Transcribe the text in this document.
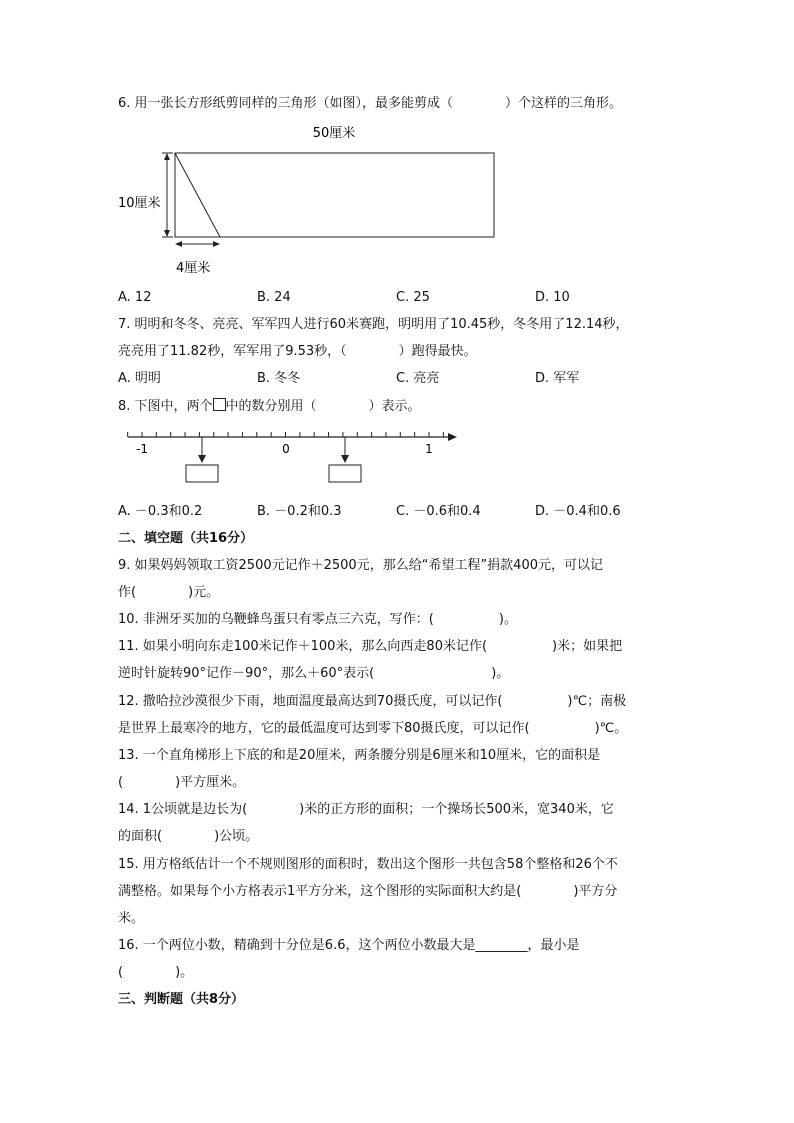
6. 用一张长方形纸剪同样的三角形（如图），最多能剪成（　　　　）个这样的三角形。
50厘米
10厘米
4厘米
A. 12	B. 24	C. 25	D. 10
7. 明明和冬冬、亮亮、军军四人进行60米赛跑，明明用了10.45秒，冬冬用了12.14秒，
亮亮用了11.82秒，军军用了9.53秒，（　　　　）跑得最快。
A. 明明	B. 冬冬	C. 亮亮	D. 军军
8. 下图中，两个 中的数分别用（　　　　）表示。
-1	0	1
A. －0.3和0.2	B. －0.2和0.3	C. －0.6和0.4	D. －0.4和0.6
二、填空题（共16分）
9. 如果妈妈领取工资2500元记作＋2500元，那么给“希望工程”捐款400元，可以记
作(　　　　)元。
10. 非洲牙买加的乌鞭蜂鸟蛋只有零点三六克，写作：(　　　　　)。
11. 如果小明向东走100米记作＋100米，那么向西走80米记作(　　　　　)米；如果把
逆时针旋转90°记作－90°，那么＋60°表示(　　　　　　　　　)。
12. 撒哈拉沙漠很少下雨，地面温度最高达到70摄氏度，可以记作(　　　　　)℃；南极
是世界上最寒冷的地方，它的最低温度可达到零下80摄氏度，可以记作(　　　　　)℃。
13. 一个直角梯形上下底的和是20厘米，两条腰分别是6厘米和10厘米，它的面积是
(　　　　)平方厘米。
14. 1公顷就是边长为(　　　　)米的正方形的面积；一个操场长500米，宽340米，它
的面积(　　　　)公顷。
15. 用方格纸估计一个不规则图形的面积时，数出这个图形一共包含58个整格和26个不
满整格。如果每个小方格表示1平方分米，这个图形的实际面积大约是(　　　　)平方分
米。
16. 一个两位小数，精确到十分位是6.6，这个两位小数最大是________，最小是
(　　　　)。
三、判断题（共8分）
